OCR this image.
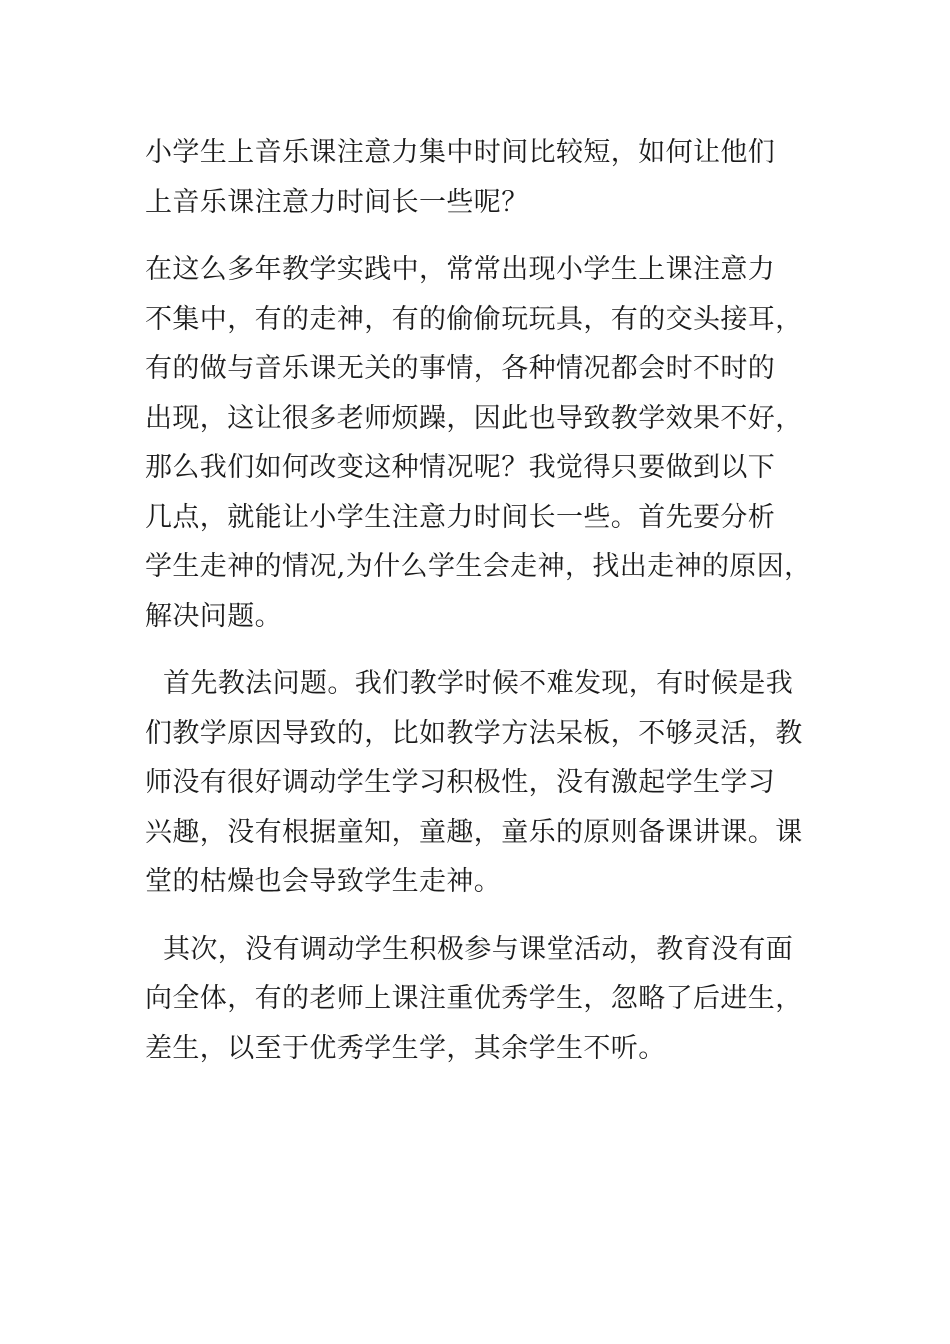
小学生上音乐课注意力集中时间比较短，如何让他们
上音乐课注意力时间长一些呢？

在这么多年教学实践中，常常出现小学生上课注意力
不集中，有的走神，有的偷偷玩玩具，有的交头接耳，
有的做与音乐课无关的事情，各种情况都会时不时的
出现，这让很多老师烦躁，因此也导致教学效果不好，
那么我们如何改变这种情况呢？我觉得只要做到以下
几点，就能让小学生注意力时间长一些。首先要分析
学生走神的情况,为什么学生会走神，找出走神的原因，
解决问题。

首先教法问题。我们教学时候不难发现，有时候是我
们教学原因导致的，比如教学方法呆板，不够灵活，教
师没有很好调动学生学习积极性，没有激起学生学习
兴趣，没有根据童知，童趣，童乐的原则备课讲课。课
堂的枯燥也会导致学生走神。

其次，没有调动学生积极参与课堂活动，教育没有面
向全体，有的老师上课注重优秀学生，忽略了后进生，
差生，以至于优秀学生学，其余学生不听。
